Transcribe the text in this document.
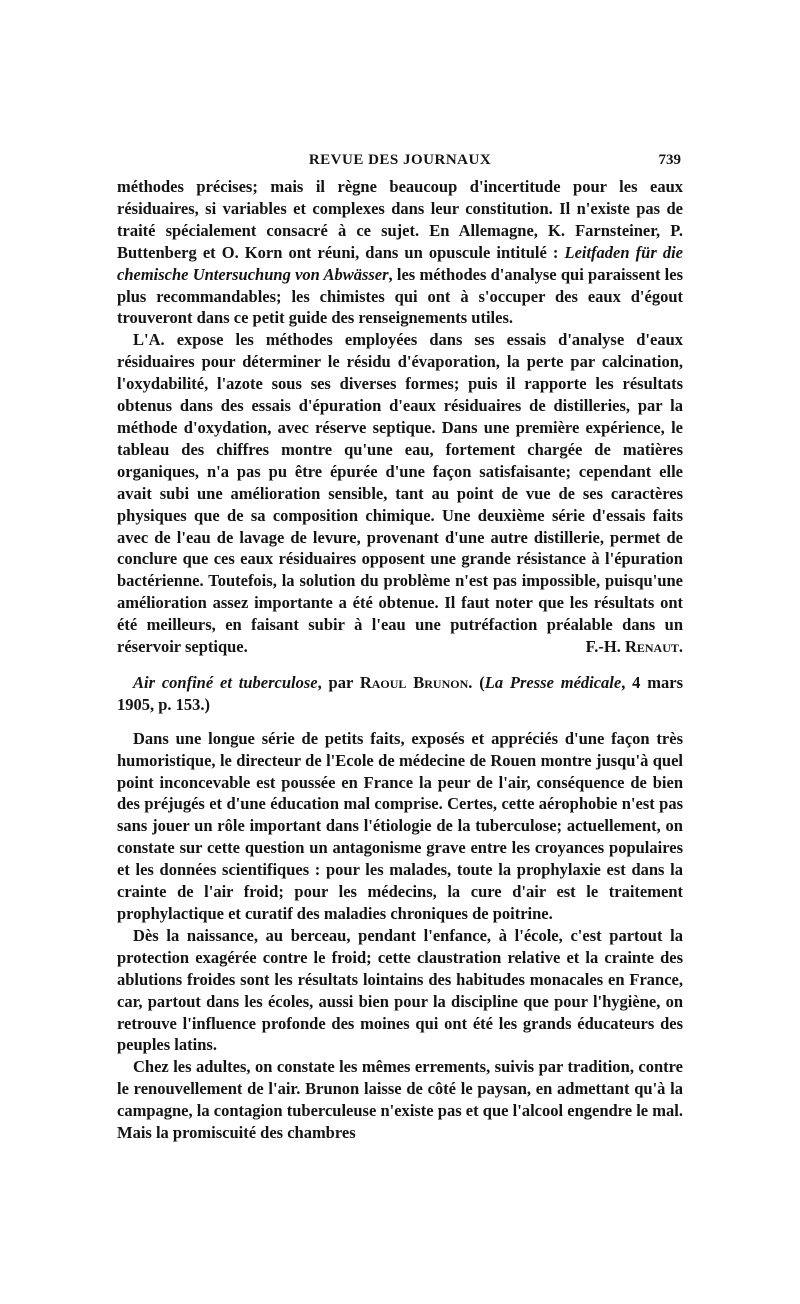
REVUE DES JOURNAUX	739

méthodes précises; mais il règne beaucoup d'incertitude pour les eaux résiduaires, si variables et complexes dans leur constitution. Il n'existe pas de traité spécialement consacré à ce sujet. En Allemagne, K. Farnsteiner, P. Buttenberg et O. Korn ont réuni, dans un opuscule intitulé : Leitfaden für die chemische Untersuchung von Abwässer, les méthodes d'analyse qui paraissent les plus recommandables; les chimistes qui ont à s'occuper des eaux d'égout trouveront dans ce petit guide des renseignements utiles.

L'A. expose les méthodes employées dans ses essais d'analyse d'eaux résiduaires pour déterminer le résidu d'évaporation, la perte par calcination, l'oxydabilité, l'azote sous ses diverses formes; puis il rapporte les résultats obtenus dans des essais d'épuration d'eaux résiduaires de distilleries, par la méthode d'oxydation, avec réserve septique. Dans une première expérience, le tableau des chiffres montre qu'une eau, fortement chargée de matières organiques, n'a pas pu être épurée d'une façon satisfaisante; cependant elle avait subi une amélioration sensible, tant au point de vue de ses caractères physiques que de sa composition chimique. Une deuxième série d'essais faits avec de l'eau de lavage de levure, provenant d'une autre distillerie, permet de conclure que ces eaux résiduaires opposent une grande résistance à l'épuration bactérienne. Toutefois, la solution du problème n'est pas impossible, puisqu'une amélioration assez importante a été obtenue. Il faut noter que les résultats ont été meilleurs, en faisant subir à l'eau une putréfaction préalable dans un réservoir septique.	F.-H. Renaut.

Air confiné et tuberculose, par Raoul Brunon. (La Presse médicale, 4 mars 1905, p. 153.)

Dans une longue série de petits faits, exposés et appréciés d'une façon très humoristique, le directeur de l'Ecole de médecine de Rouen montre jusqu'à quel point inconcevable est poussée en France la peur de l'air, conséquence de bien des préjugés et d'une éducation mal comprise. Certes, cette aérophobie n'est pas sans jouer un rôle important dans l'étiologie de la tuberculose; actuellement, on constate sur cette question un antagonisme grave entre les croyances populaires et les données scientifiques : pour les malades, toute la prophylaxie est dans la crainte de l'air froid; pour les médecins, la cure d'air est le traitement prophylactique et curatif des maladies chroniques de poitrine.

Dès la naissance, au berceau, pendant l'enfance, à l'école, c'est partout la protection exagérée contre le froid; cette claustration relative et la crainte des ablutions froides sont les résultats lointains des habitudes monacales en France, car, partout dans les écoles, aussi bien pour la discipline que pour l'hygiène, on retrouve l'influence profonde des moines qui ont été les grands éducateurs des peuples latins.

Chez les adultes, on constate les mêmes errements, suivis par tradition, contre le renouvellement de l'air. Brunon laisse de côté le paysan, en admettant qu'à la campagne, la contagion tuberculeuse n'existe pas et que l'alcool engendre le mal. Mais la promiscuité des chambres
